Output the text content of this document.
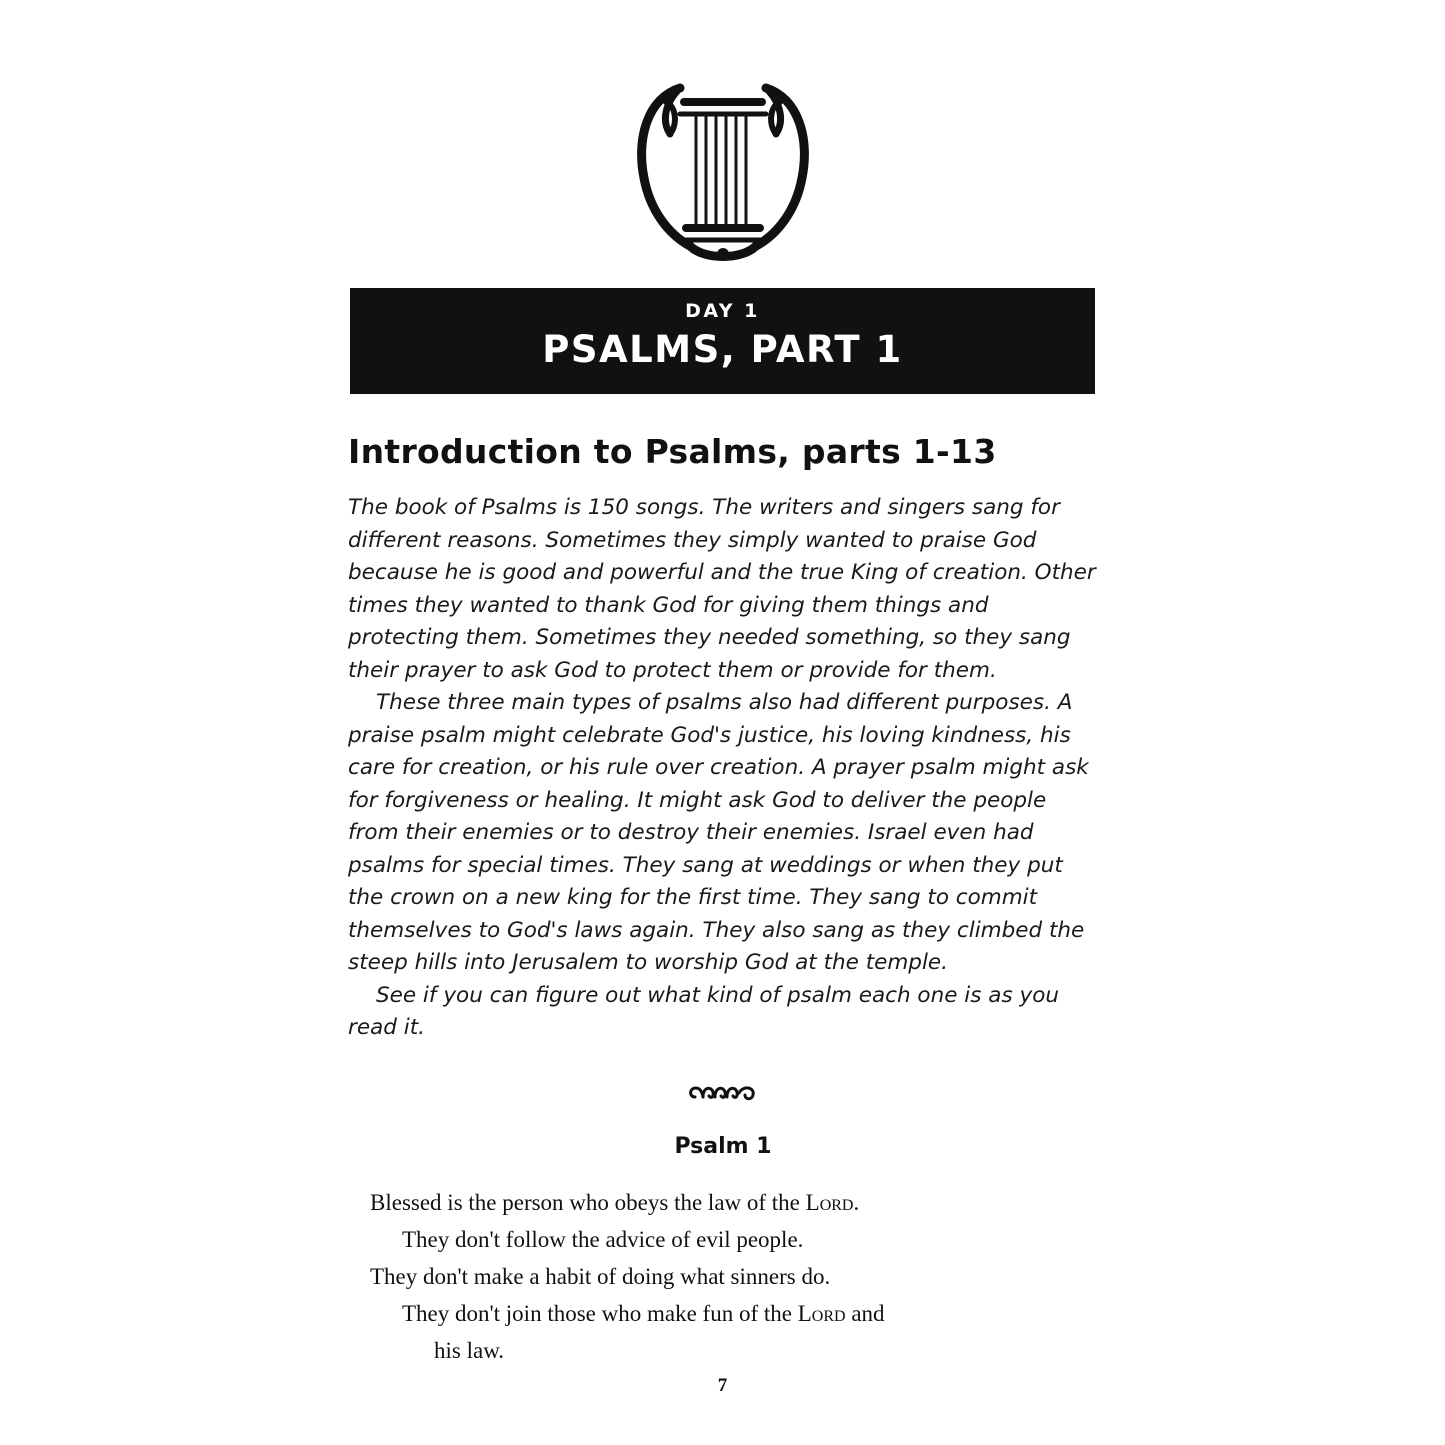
DAY 1
PSALMS, PART 1
Introduction to Psalms, parts 1-13

The book of Psalms is 150 songs. The writers and singers sang for different reasons. Sometimes they simply wanted to praise God because he is good and powerful and the true King of creation. Other times they wanted to thank God for giving them things and protecting them. Sometimes they needed something, so they sang their prayer to ask God to protect them or provide for them.

These three main types of psalms also had different purposes. A praise psalm might celebrate God's justice, his loving kindness, his care for creation, or his rule over creation. A prayer psalm might ask for forgiveness or healing. It might ask God to deliver the people from their enemies or to destroy their enemies. Israel even had psalms for special times. They sang at weddings or when they put the crown on a new king for the first time. They sang to commit themselves to God's laws again. They also sang as they climbed the steep hills into Jerusalem to worship God at the temple.

See if you can figure out what kind of psalm each one is as you read it.

Psalm 1
Blessed is the person who obeys the law of the Lord.
They don't follow the advice of evil people.
They don't make a habit of doing what sinners do.
They don't join those who make fun of the Lord and
his law.
7
